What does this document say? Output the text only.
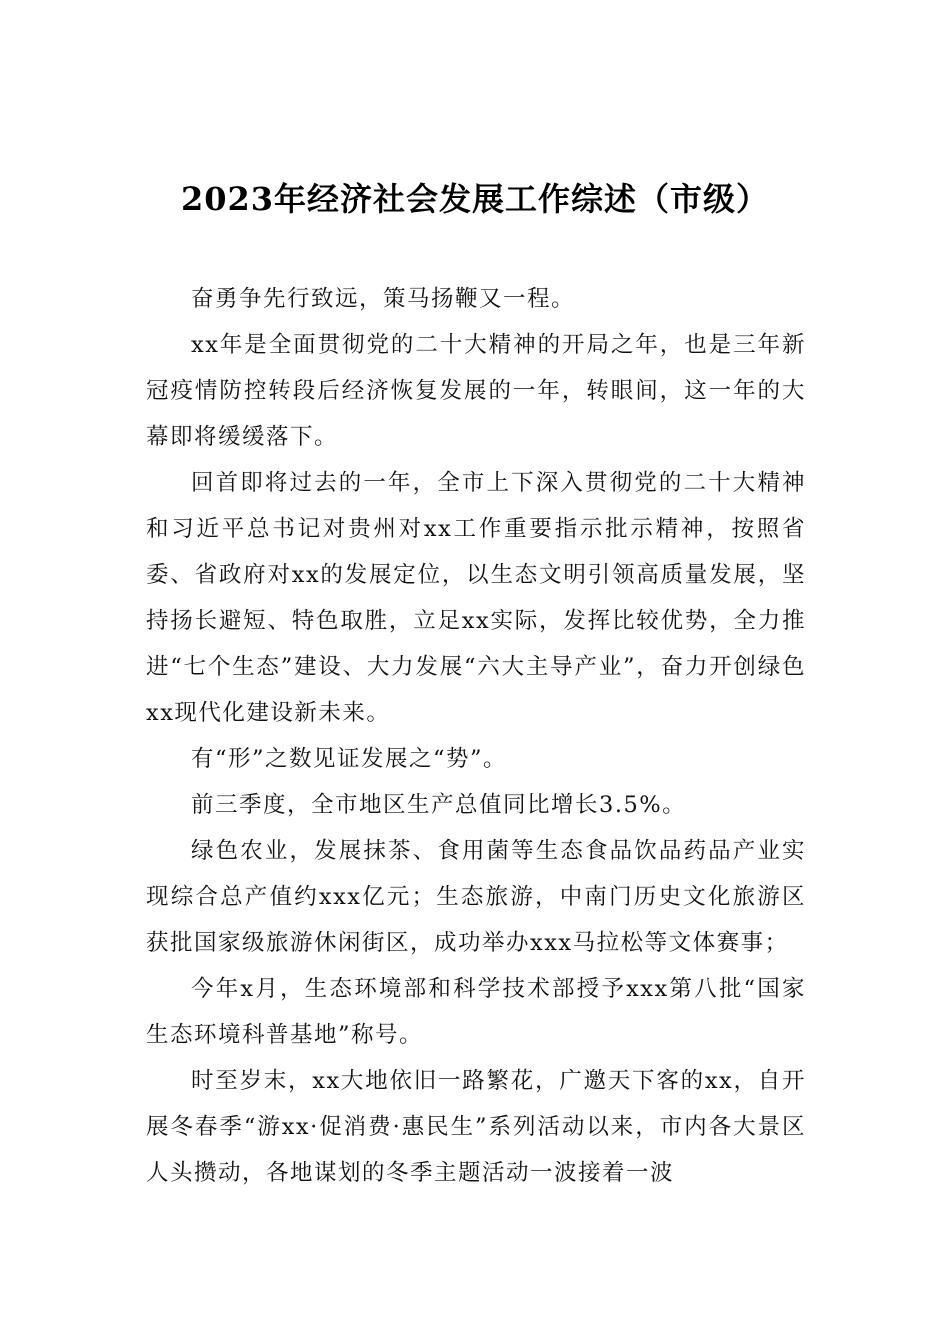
2023年经济社会发展工作综述（市级）

奋勇争先行致远，策马扬鞭又一程。

xx年是全面贯彻党的二十大精神的开局之年，也是三年新冠疫情防控转段后经济恢复发展的一年，转眼间，这一年的大幕即将缓缓落下。

回首即将过去的一年，全市上下深入贯彻党的二十大精神和习近平总书记对贵州对xx工作重要指示批示精神，按照省委、省政府对xx的发展定位，以生态文明引领高质量发展，坚持扬长避短、特色取胜，立足xx实际，发挥比较优势，全力推进“七个生态”建设、大力发展“六大主导产业”，奋力开创绿色xx现代化建设新未来。

有“形”之数见证发展之“势”。

前三季度，全市地区生产总值同比增长3.5%。

绿色农业，发展抹茶、食用菌等生态食品饮品药品产业实现综合总产值约xxx亿元；生态旅游，中南门历史文化旅游区获批国家级旅游休闲街区，成功举办xxx马拉松等文体赛事；

今年x月，生态环境部和科学技术部授予xxx第八批“国家生态环境科普基地”称号。

时至岁末，xx大地依旧一路繁花，广邀天下客的xx，自开展冬春季“游xx·促消费·惠民生”系列活动以来，市内各大景区人头攒动，各地谋划的冬季主题活动一波接着一波
